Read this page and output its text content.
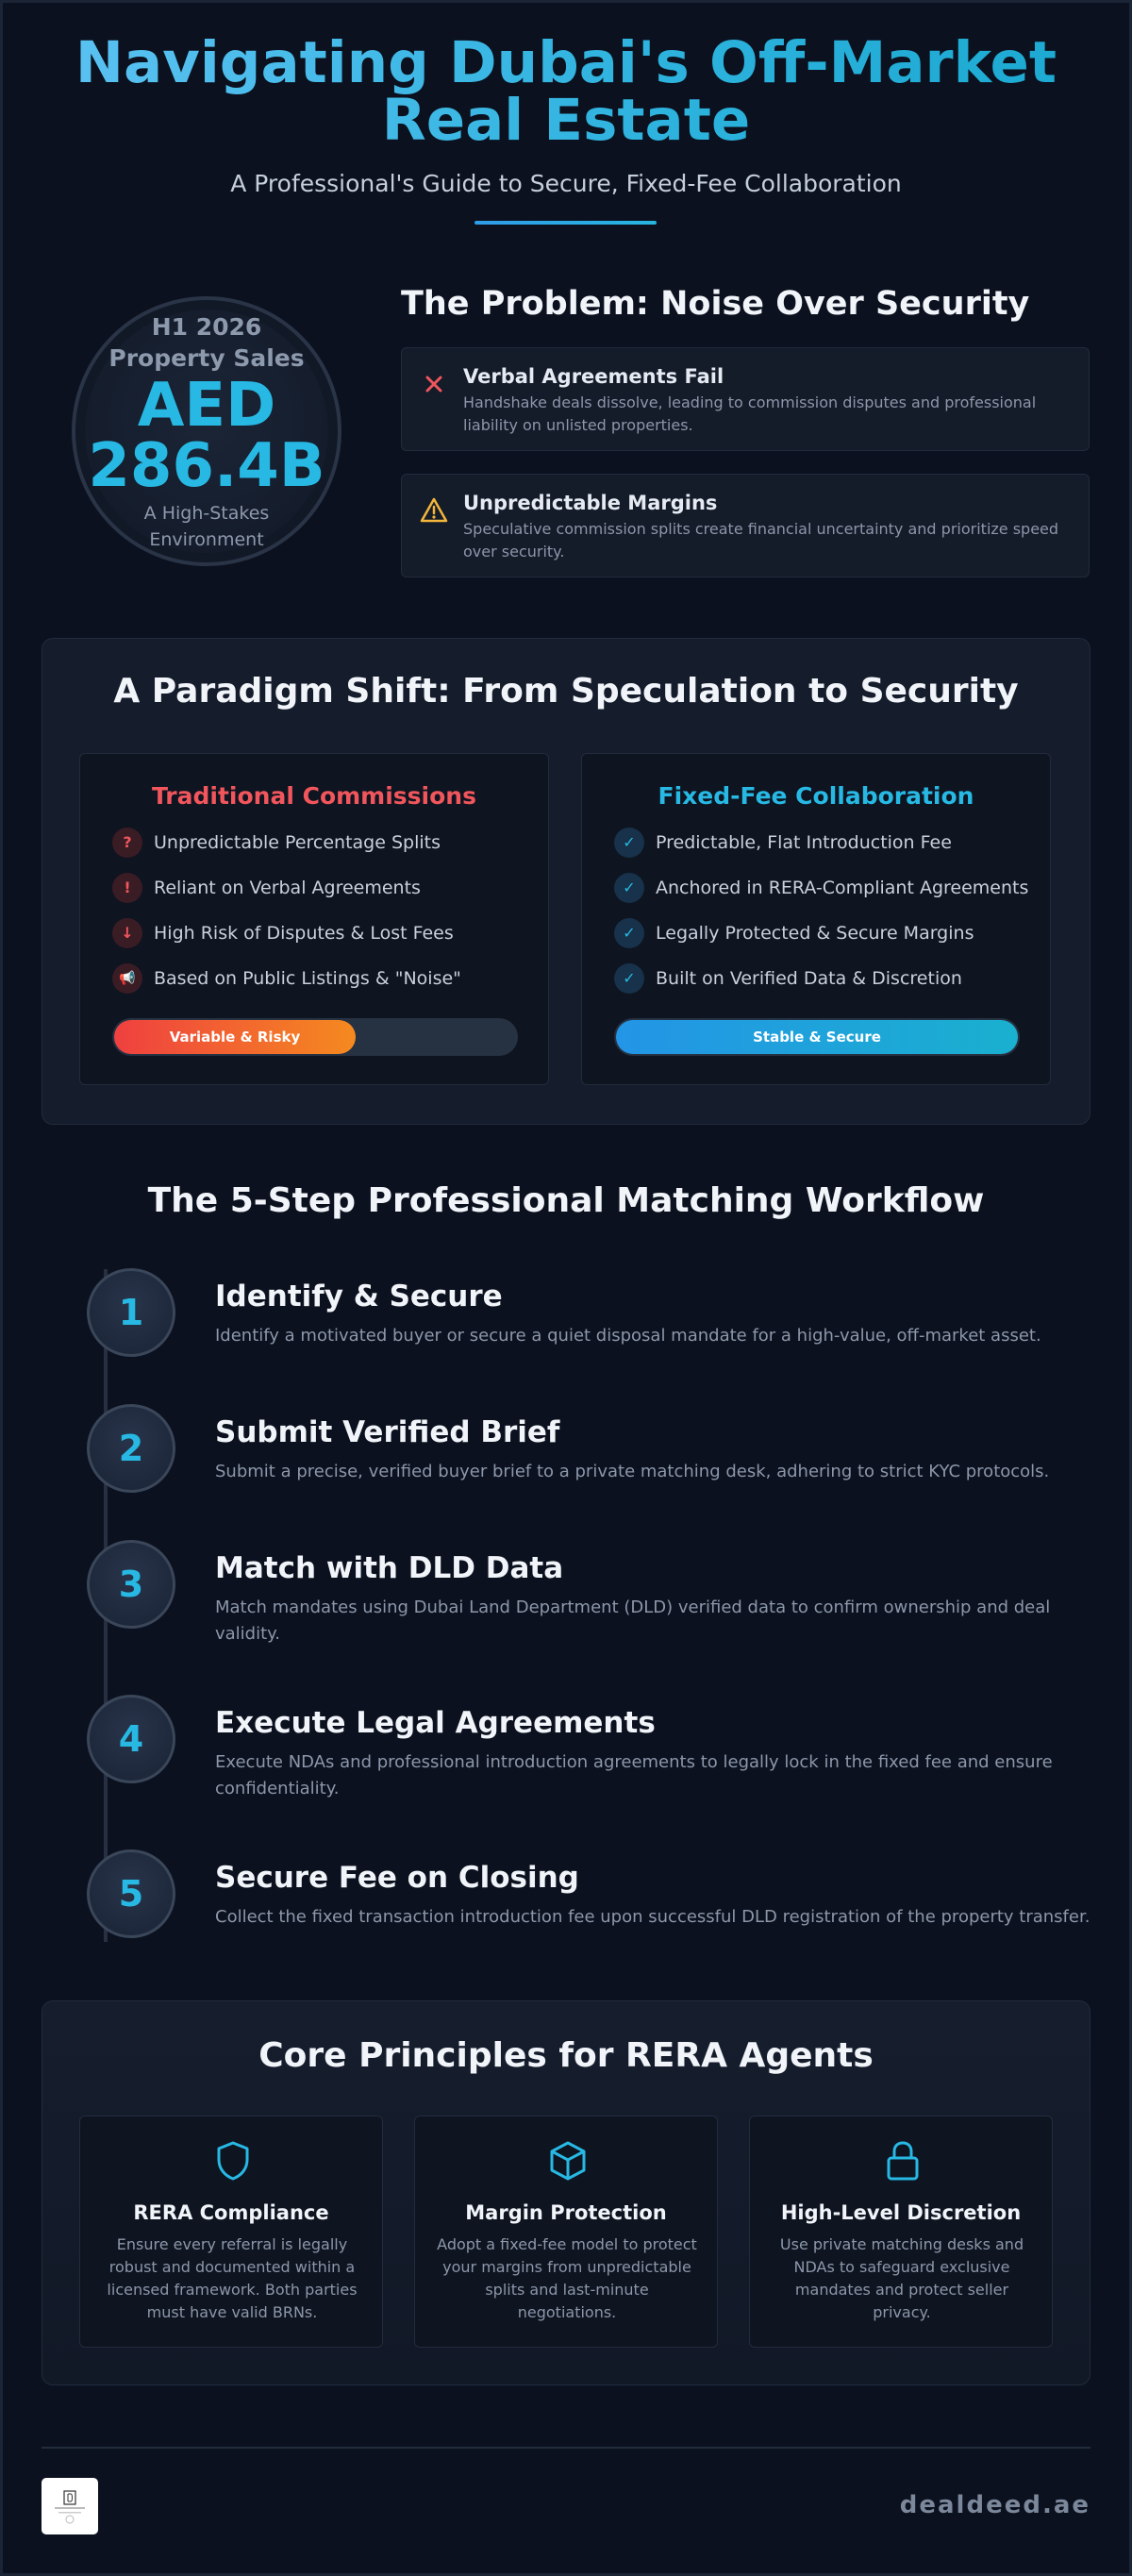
Navigating Dubai's Off-Market
Real Estate
A Professional's Guide to Secure, Fixed-Fee Collaboration
H1 2026
Property Sales
AED
286.4B
A High-Stakes
Environment
The Problem: Noise Over Security
Verbal Agreements Fail
Handshake deals dissolve, leading to commission disputes and professional liability on unlisted properties.
Unpredictable Margins
Speculative commission splits create financial uncertainty and prioritize speed over security.
A Paradigm Shift: From Speculation to Security
Traditional Commissions
?	Unpredictable Percentage Splits
!	Reliant on Verbal Agreements
↓	High Risk of Disputes & Lost Fees
📢	Based on Public Listings & "Noise"
Variable & Risky
Fixed-Fee Collaboration
✓	Predictable, Flat Introduction Fee
✓	Anchored in RERA-Compliant Agreements
✓	Legally Protected & Secure Margins
✓	Built on Verified Data & Discretion
Stable & Secure
The 5-Step Professional Matching Workflow
1	Identify & Secure
Identify a motivated buyer or secure a quiet disposal mandate for a high-value, off-market asset.
2	Submit Verified Brief
Submit a precise, verified buyer brief to a private matching desk, adhering to strict KYC protocols.
3	Match with DLD Data
Match mandates using Dubai Land Department (DLD) verified data to confirm ownership and deal validity.
4	Execute Legal Agreements
Execute NDAs and professional introduction agreements to legally lock in the fixed fee and ensure confidentiality.
5	Secure Fee on Closing
Collect the fixed transaction introduction fee upon successful DLD registration of the property transfer.
Core Principles for RERA Agents
RERA Compliance
Ensure every referral is legally robust and documented within a licensed framework. Both parties must have valid BRNs.
Margin Protection
Adopt a fixed-fee model to protect your margins from unpredictable splits and last-minute negotiations.
High-Level Discretion
Use private matching desks and NDAs to safeguard exclusive mandates and protect seller privacy.
dealdeed.ae
